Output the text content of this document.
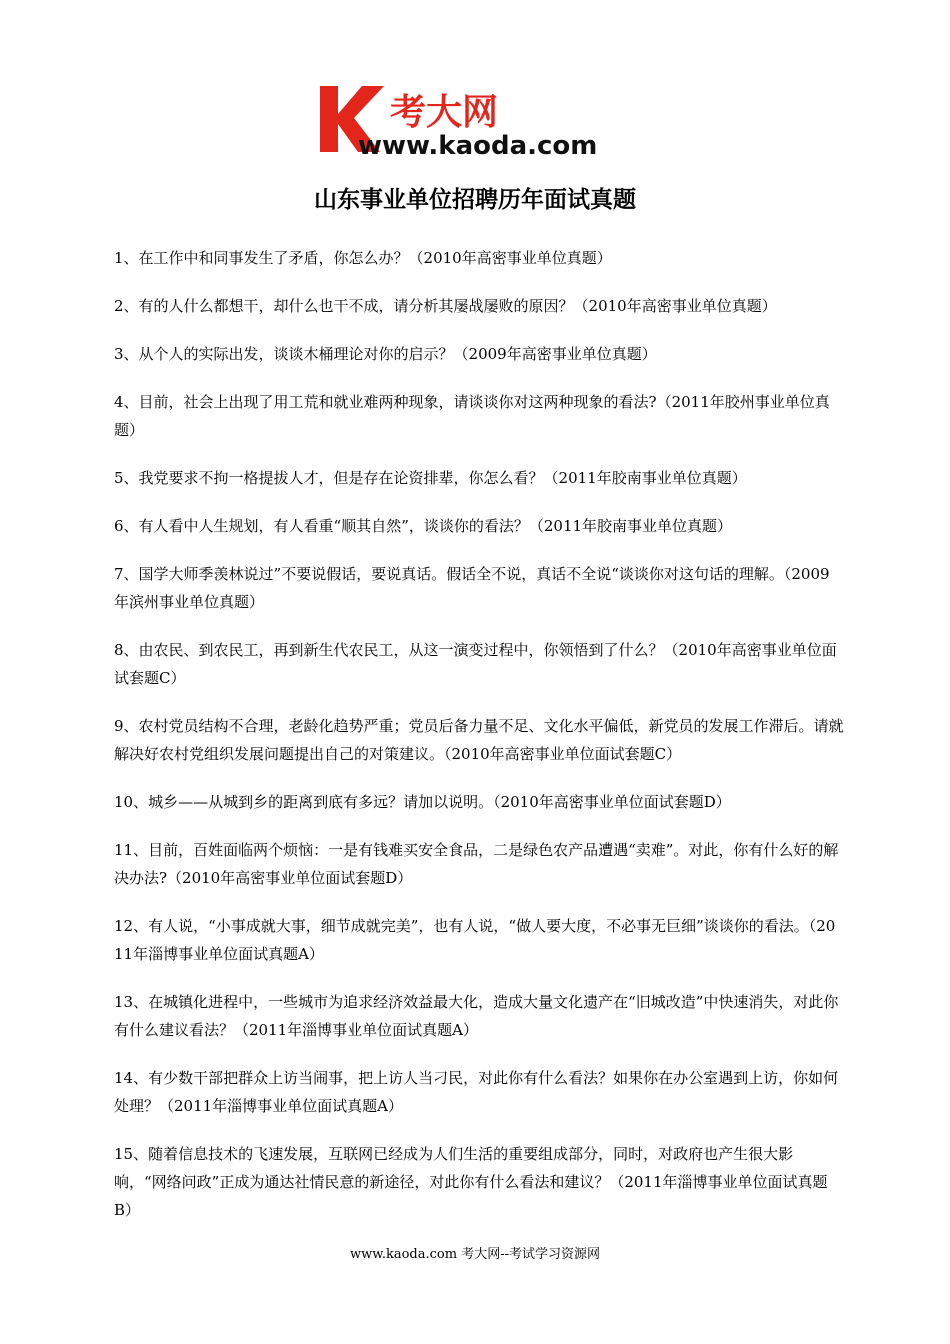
考大网
www.kaoda.com
山东事业单位招聘历年面试真题
1、在工作中和同事发生了矛盾，你怎么办？（2010年高密事业单位真题）
2、有的人什么都想干，却什么也干不成，请分析其屡战屡败的原因？（2010年高密事业单位真题）
3、从个人的实际出发，谈谈木桶理论对你的启示？（2009年高密事业单位真题）
4、目前，社会上出现了用工荒和就业难两种现象，请谈谈你对这两种现象的看法?（2011年胶州事业单位真题）
5、我党要求不拘一格提拔人才，但是存在论资排辈，你怎么看？（2011年胶南事业单位真题）
6、有人看中人生规划，有人看重“顺其自然”，谈谈你的看法？（2011年胶南事业单位真题）
7、国学大师季羡林说过”不要说假话，要说真话。假话全不说，真话不全说“谈谈你对这句话的理解。（2009年滨州事业单位真题）
8、由农民、到农民工，再到新生代农民工，从这一演变过程中，你领悟到了什么？（2010年高密事业单位面试套题C）
9、农村党员结构不合理，老龄化趋势严重；党员后备力量不足、文化水平偏低，新党员的发展工作滞后。请就解决好农村党组织发展问题提出自己的对策建议。（2010年高密事业单位面试套题C）
10、城乡——从城到乡的距离到底有多远？请加以说明。（2010年高密事业单位面试套题D）
11、目前，百姓面临两个烦恼：一是有钱难买安全食品，二是绿色农产品遭遇“卖难”。对此，你有什么好的解决办法?（2010年高密事业单位面试套题D）
12、有人说，“小事成就大事，细节成就完美”，也有人说，“做人要大度，不必事无巨细”谈谈你的看法。（2011年淄博事业单位面试真题A）
13、在城镇化进程中，一些城市为追求经济效益最大化，造成大量文化遗产在“旧城改造”中快速消失，对此你有什么建议看法？（2011年淄博事业单位面试真题A）
14、有少数干部把群众上访当闹事，把上访人当刁民，对此你有什么看法？如果你在办公室遇到上访，你如何处理？（2011年淄博事业单位面试真题A）
15、随着信息技术的飞速发展，互联网已经成为人们生活的重要组成部分，同时，对政府也产生很大影响，“网络问政”正成为通达社情民意的新途径，对此你有什么看法和建议？（2011年淄博事业单位面试真题B）
www.kaoda.com 考大网--考试学习资源网
